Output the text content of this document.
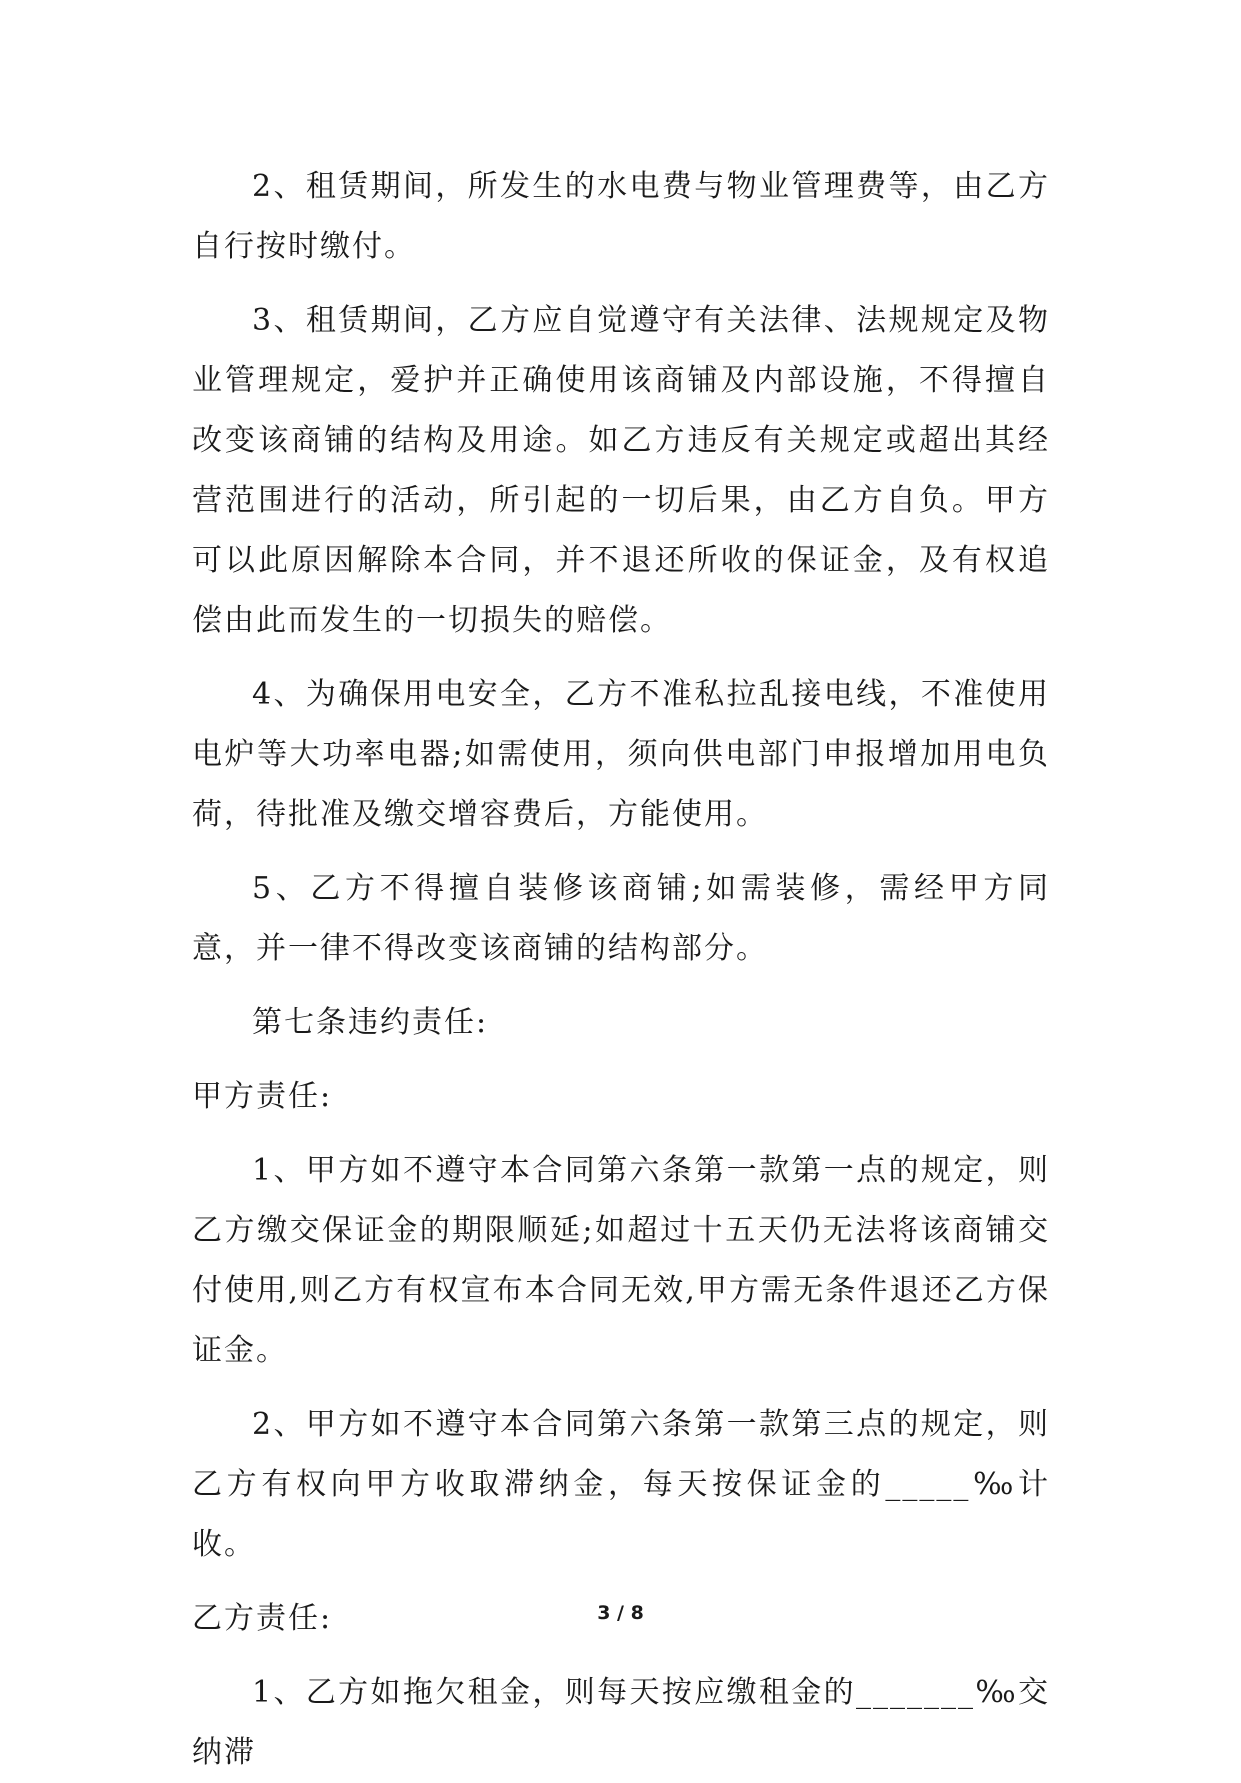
2、租赁期间，所发生的水电费与物业管理费等，由乙方自行按时缴付。

3、租赁期间，乙方应自觉遵守有关法律、法规规定及物业管理规定，爱护并正确使用该商铺及内部设施，不得擅自改变该商铺的结构及用途。如乙方违反有关规定或超出其经营范围进行的活动，所引起的一切后果，由乙方自负。甲方可以此原因解除本合同，并不退还所收的保证金，及有权追偿由此而发生的一切损失的赔偿。

4、为确保用电安全，乙方不准私拉乱接电线，不准使用电炉等大功率电器;如需使用，须向供电部门申报增加用电负荷，待批准及缴交增容费后，方能使用。

5、乙方不得擅自装修该商铺;如需装修，需经甲方同意，并一律不得改变该商铺的结构部分。

第七条违约责任:

甲方责任:

1、甲方如不遵守本合同第六条第一款第一点的规定，则乙方缴交保证金的期限顺延;如超过十五天仍无法将该商铺交付使用,则乙方有权宣布本合同无效,甲方需无条件退还乙方保证金。

2、甲方如不遵守本合同第六条第一款第三点的规定，则乙方有权向甲方收取滞纳金，每天按保证金的_____‰计收。

乙方责任:

1、乙方如拖欠租金，则每天按应缴租金的_______‰交纳滞

3 / 8
